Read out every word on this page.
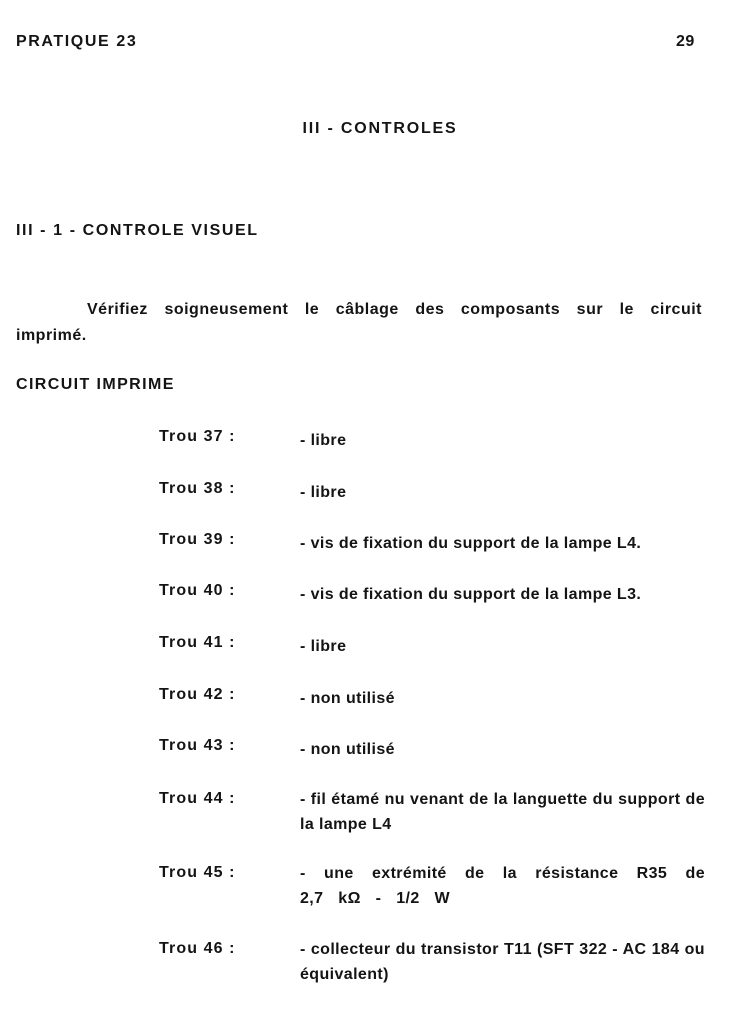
PRATIQUE 23	29
III - CONTROLES
III - 1 - CONTROLE VISUEL
Vérifiez soigneusement le câblage des composants sur le circuit
imprimé.
CIRCUIT IMPRIME
Trou 37 :	- libre
Trou 38 :	- libre
Trou 39 :	- vis de fixation du support de la lampe L4.
Trou 40 :	- vis de fixation du support de la lampe L3.
Trou 41 :	- libre
Trou 42 :	- non utilisé
Trou 43 :	- non utilisé
Trou 44 :	- fil étamé nu venant de la languette du support de la lampe L4
Trou 45 :	- une extrémité de la résistance R35 de 2,7 kΩ - 1/2 W
Trou 46 :	- collecteur du transistor T11 (SFT 322 - AC 184 ou équivalent)
